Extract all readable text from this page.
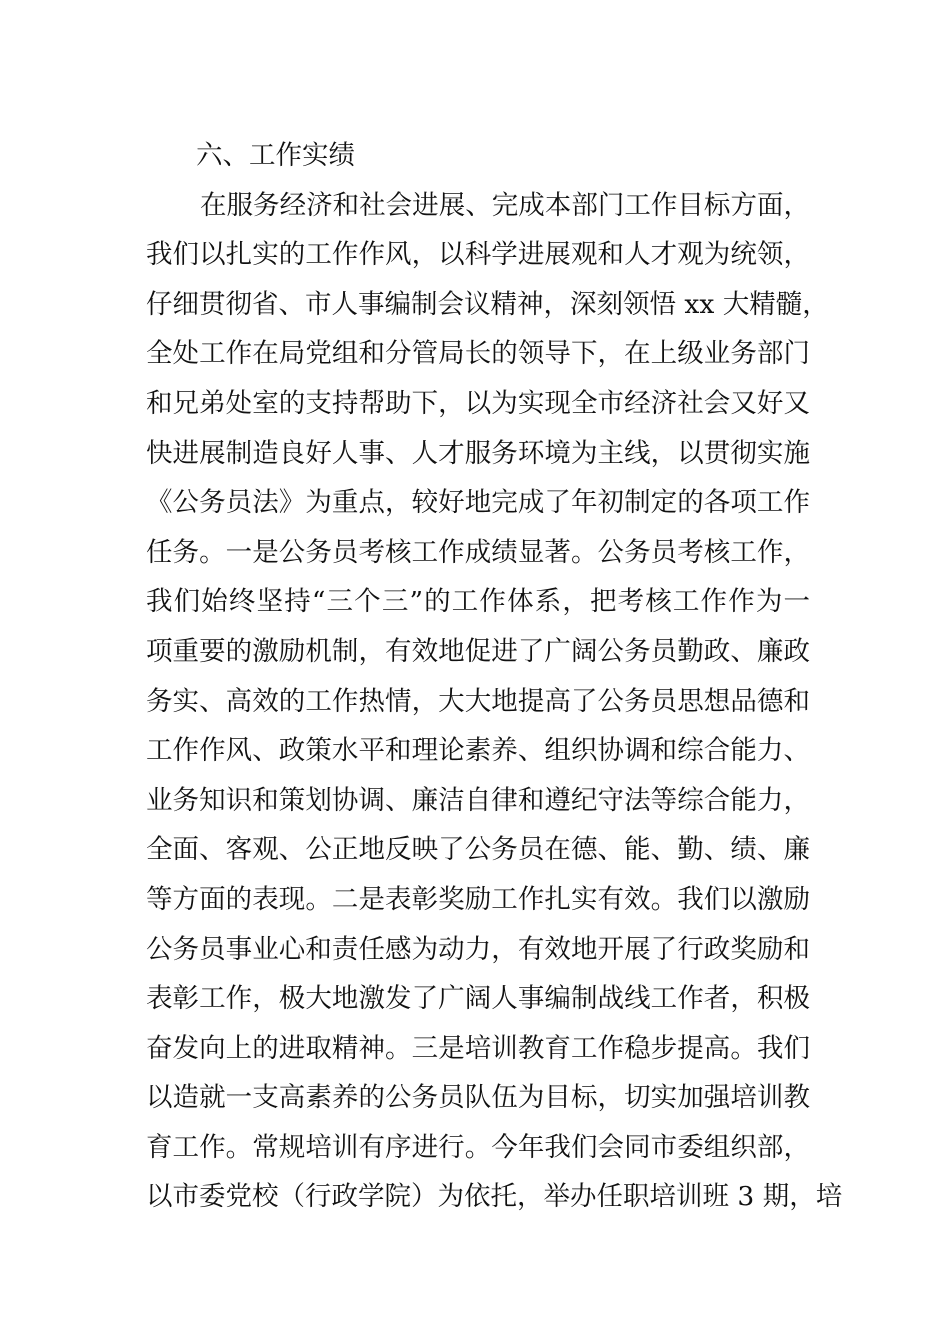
六、工作实绩
在服务经济和社会进展、完成本部门工作目标方面，
我们以扎实的工作作风，以科学进展观和人才观为统领，
仔细贯彻省、市人事编制会议精神，深刻领悟 xx 大精髓，
全处工作在局党组和分管局长的领导下，在上级业务部门
和兄弟处室的支持帮助下，以为实现全市经济社会又好又
快进展制造良好人事、人才服务环境为主线，以贯彻实施
《公务员法》为重点，较好地完成了年初制定的各项工作
任务。一是公务员考核工作成绩显著。公务员考核工作，
我们始终坚持“三个三”的工作体系，把考核工作作为一
项重要的激励机制，有效地促进了广阔公务员勤政、廉政
务实、高效的工作热情，大大地提高了公务员思想品德和
工作作风、政策水平和理论素养、组织协调和综合能力、
业务知识和策划协调、廉洁自律和遵纪守法等综合能力，
全面、客观、公正地反映了公务员在德、能、勤、绩、廉
等方面的表现。二是表彰奖励工作扎实有效。我们以激励
公务员事业心和责任感为动力，有效地开展了行政奖励和
表彰工作，极大地激发了广阔人事编制战线工作者，积极
奋发向上的进取精神。三是培训教育工作稳步提高。我们
以造就一支高素养的公务员队伍为目标，切实加强培训教
育工作。常规培训有序进行。今年我们会同市委组织部，
以市委党校（行政学院）为依托，举办任职培训班 3 期，培
